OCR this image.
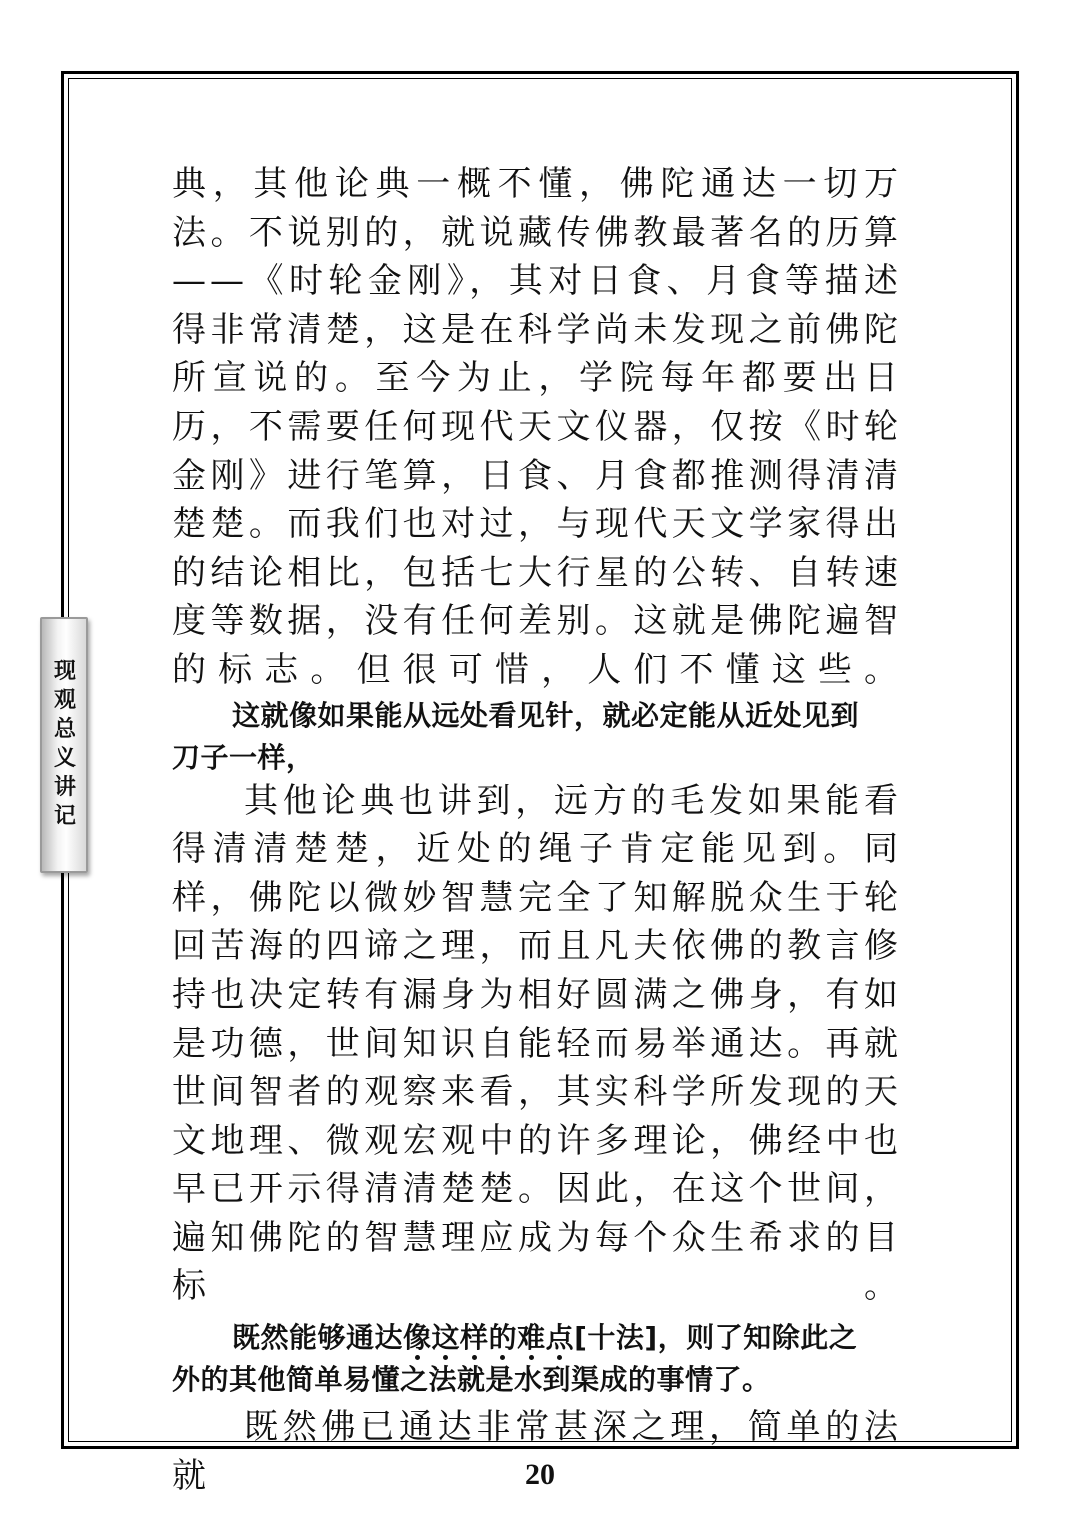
现观总义讲记

典，其他论典一概不懂，佛陀通达一切万法。不说别的，就说藏传佛教最著名的历算——《时轮金刚》，其对日食、月食等描述得非常清楚，这是在科学尚未发现之前佛陀所宣说的。至今为止，学院每年都要出日历，不需要任何现代天文仪器，仅按《时轮金刚》进行笔算，日食、月食都推测得清清楚楚。而我们也对过，与现代天文学家得出的结论相比，包括七大行星的公转、自转速度等数据，没有任何差别。这就是佛陀遍智的标志。但很可惜，人们不懂这些。

这就像如果能从远处看见针，就必定能从近处见到
刀子一样，

其他论典也讲到，远方的毛发如果能看得清清楚楚，近处的绳子肯定能见到。同样，佛陀以微妙智慧完全了知解脱众生于轮回苦海的四谛之理，而且凡夫依佛的教言修持也决定转有漏身为相好圆满之佛身，有如是功德，世间知识自能轻而易举通达。再就世间智者的观察来看，其实科学所发现的天文地理、微观宏观中的许多理论，佛经中也早已开示得清清楚楚。因此，在这个世间，遍知佛陀的智慧理应成为每个众生希求的目标。

既然能够通达像这样的难点[十法]，则了知除此之
外的其他简单易懂之法就是水到渠成的事情了。

既然佛已通达非常甚深之理，简单的法就	20
